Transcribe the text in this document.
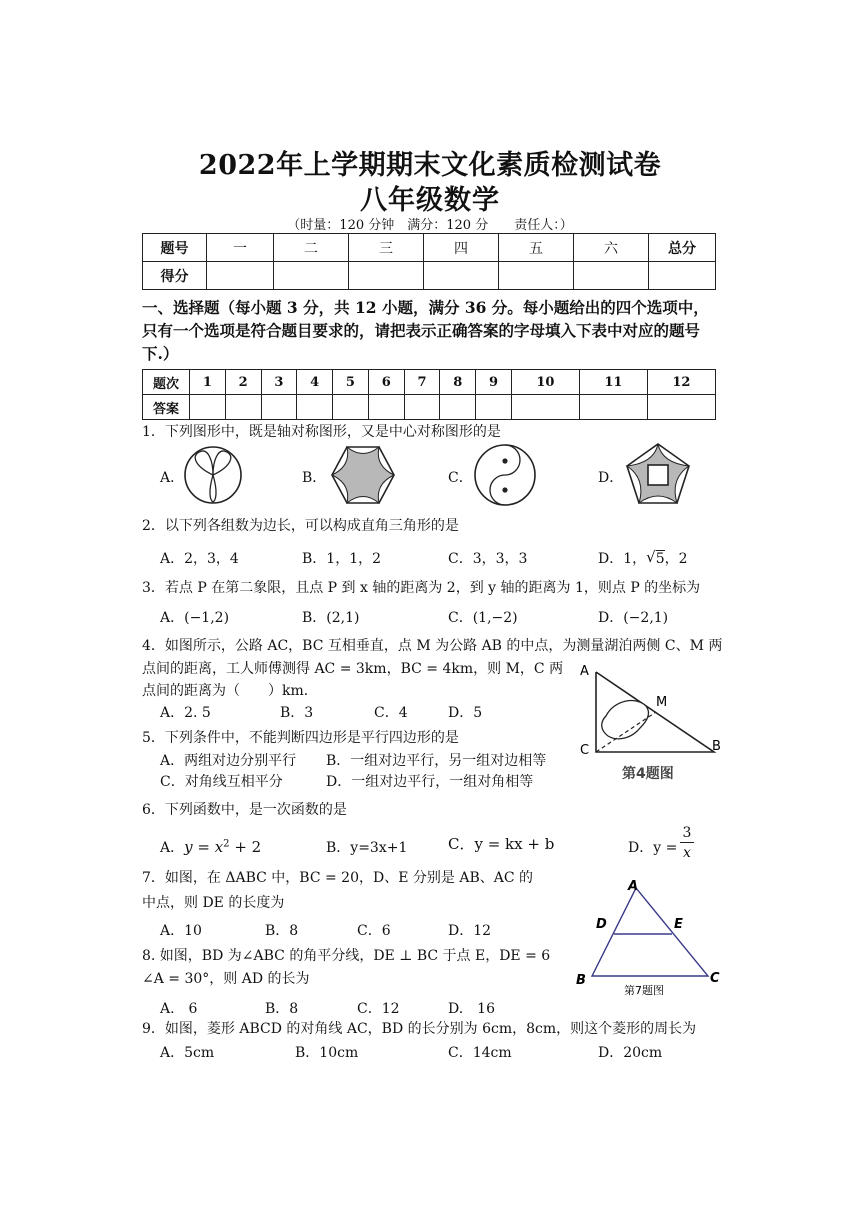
2022年上学期期末文化素质检测试卷
八年级数学
（时量：120 分钟　满分：120 分　　责任人：）
题号	一	二	三	四	五	六	总分
得分							
一、选择题（每小题 3 分，共 12 小题，满分 36 分。每小题给出的四个选项中，只有一个选项是符合题目要求的，请把表示正确答案的字母填入下表中对应的题号下.）
题次	1	2	3	4	5	6	7	8	9	10	11	12
答案												
1．下列图形中，既是轴对称图形，又是中心对称图形的是
A．	B．	C．	D．
2．以下列各组数为边长，可以构成直角三角形的是
A．2，3，4	B．1，1，2	C．3，3，3	D．1，√5，2
3．若点 P 在第二象限，且点 P 到 x 轴的距离为 2，到 y 轴的距离为 1，则点 P 的坐标为
A．(−1,2)	B．(2,1)	C．(1,−2)	D．(−2,1)
4．如图所示，公路 AC，BC 互相垂直，点 M 为公路 AB 的中点，为测量湖泊两侧 C、M 两
点间的距离，工人师傅测得 AC = 3km，BC = 4km，则 M，C 两
点间的距离为（　　）km．
A．2. 5	B．3	C．4	D．5
A
M
C	B
第4题图
5．下列条件中，不能判断四边形是平行四边形的是
A．两组对边分别平行 B．一组对边平行，另一组对边相等
C．对角线互相平分	D．一组对边平行，一组对角相等
6．下列函数中，是一次函数的是
A．$y = x^2 + 2$	B．y=3x+1	C．y = kx + b	D．$y = \frac{3}{x}$
7．如图，在 ΔABC 中，BC = 20，D、E 分别是 AB、AC 的
中点，则 DE 的长度为
A．10	B．8	C．6	D．12
A
D	E
B	C
第7题图
8. 如图，BD 为∠ABC 的角平分线，DE ⊥ BC 于点 E，DE = 6
∠A = 30°，则 AD 的长为
A.　6	B．8	C．12	D.　16
9．如图，菱形 ABCD 的对角线 AC，BD 的长分别为 6cm，8cm，则这个菱形的周长为
A．5cm	B．10cm	C．14cm	D．20cm
